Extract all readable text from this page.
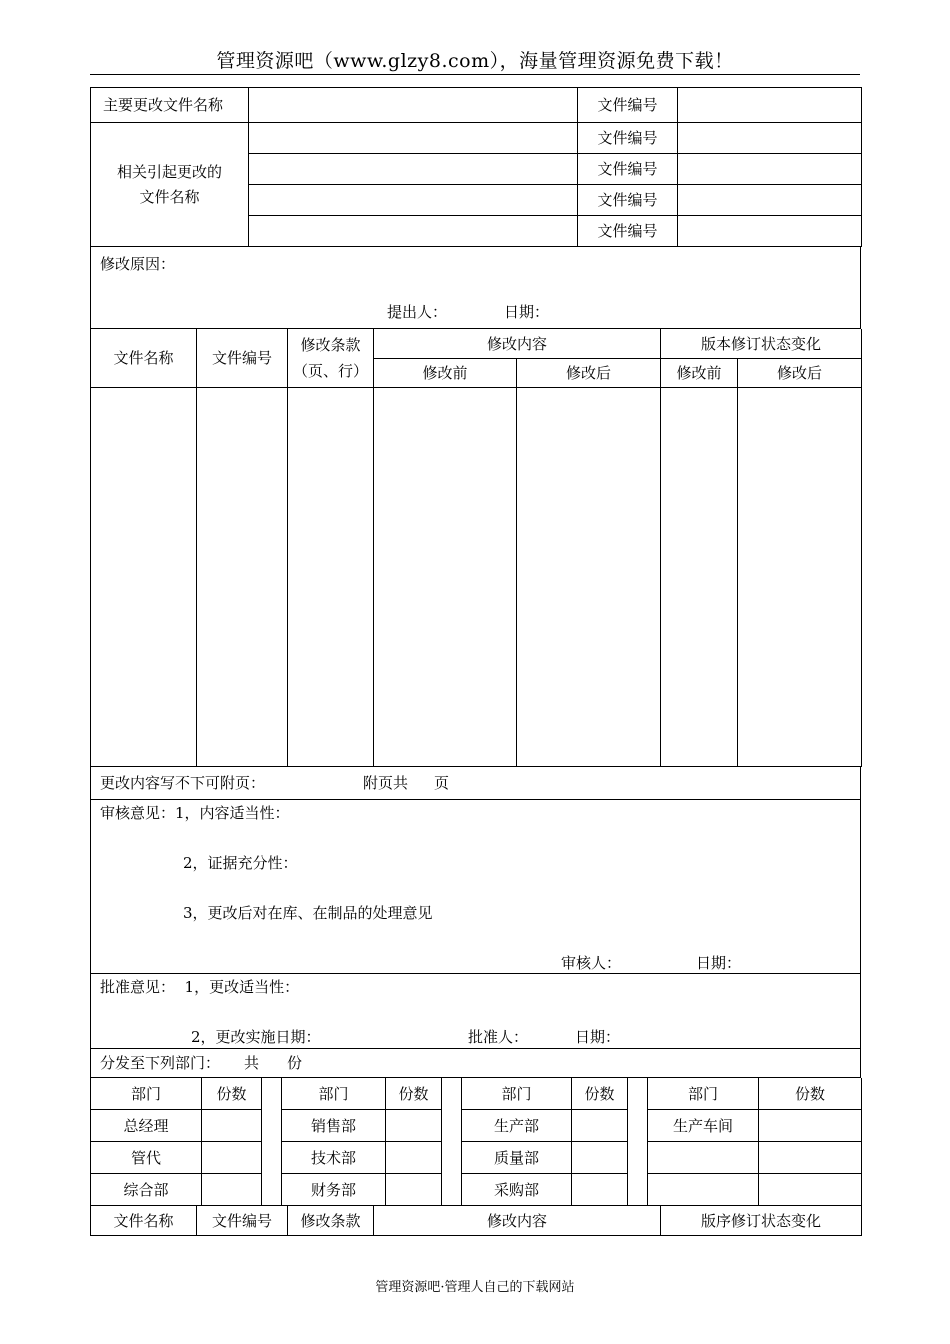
管理资源吧（www.glzy8.com），海量管理资源免费下载！
主要更改文件名称		文件编号	

相关引起更改的
文件名称		文件编号	
		文件编号	
		文件编号	
		文件编号	
修改原因：
提出人：	日期：
文件名称	文件编号	修改条款
（页、行）	修改内容		版本修订状态变化	
			修改前	修改后	修改前	修改后

更改内容写不下可附页：	附页共 页
审核意见：1，内容适当性：
2，证据充分性：
3，更改后对在库、在制品的处理意见
审核人：	日期：
批准意见：  1，更改适当性：
2，更改实施日期：	批准人：	日期：
分发至下列部门： 共 份
部门	份数		部门	份数		部门	份数		部门	份数
总经理			销售部			生产部			生产车间	
管代			技术部			质量部				
综合部			财务部			采购部				
文件名称	文件编号	修改条款	修改内容	版序修订状态变化
管理资源吧·管理人自己的下载网站
